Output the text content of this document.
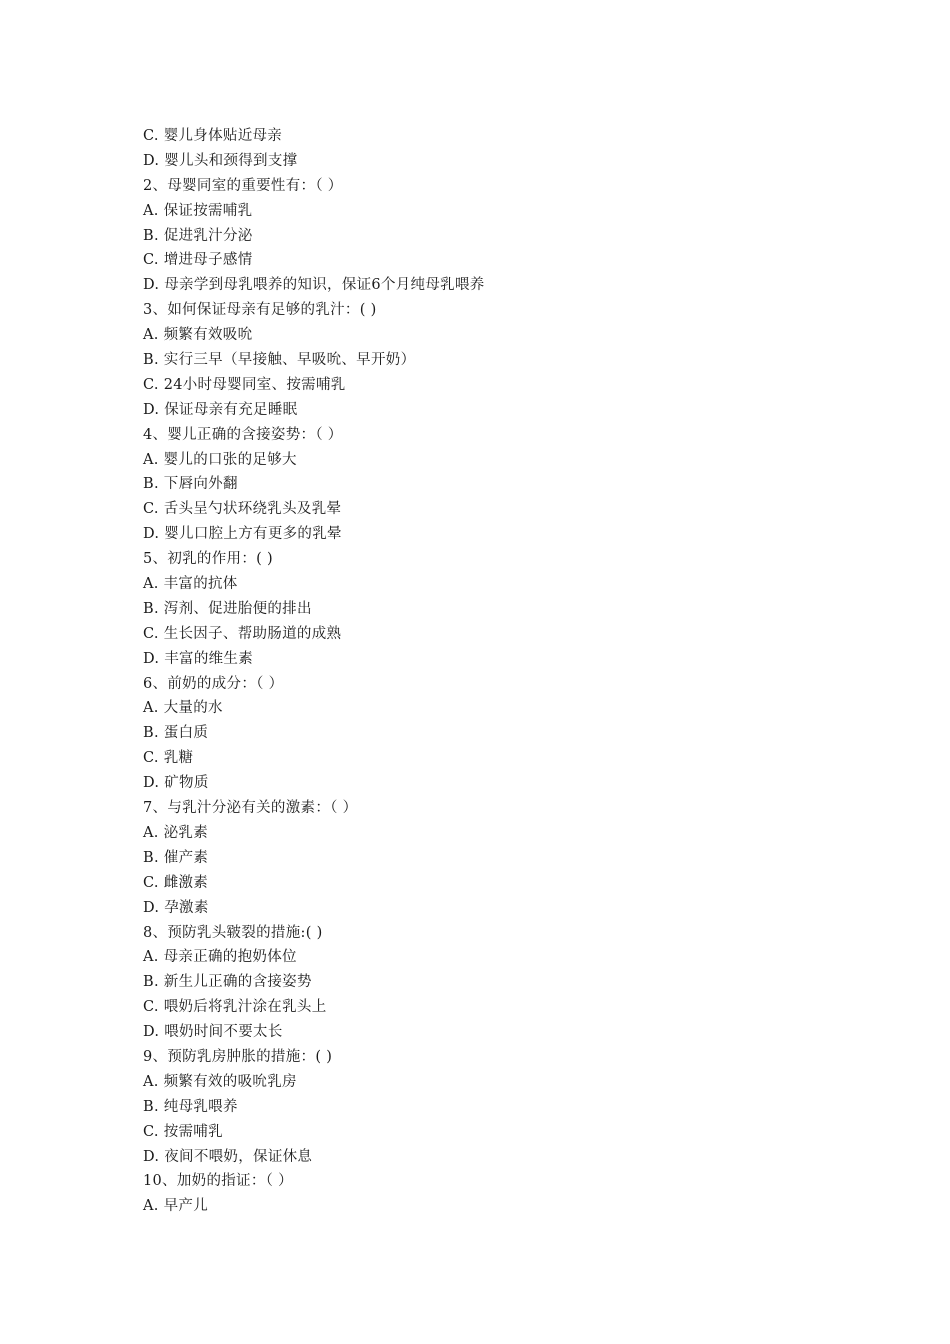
C. 婴儿身体贴近母亲
D. 婴儿头和颈得到支撑
2、母婴同室的重要性有：（ ）
A. 保证按需哺乳
B. 促进乳汁分泌
C. 增进母子感情
D. 母亲学到母乳喂养的知识，保证6个月纯母乳喂养
3、如何保证母亲有足够的乳汁：( )
A. 频繁有效吸吮
B. 实行三早（早接触、早吸吮、早开奶）
C. 24小时母婴同室、按需哺乳
D. 保证母亲有充足睡眠
4、婴儿正确的含接姿势：（ ）
A. 婴儿的口张的足够大
B. 下唇向外翻
C. 舌头呈勺状环绕乳头及乳晕
D. 婴儿口腔上方有更多的乳晕
5、初乳的作用：( )
A. 丰富的抗体
B. 泻剂、促进胎便的排出
C. 生长因子、帮助肠道的成熟
D. 丰富的维生素
6、前奶的成分：（ ）
A. 大量的水
B. 蛋白质
C. 乳糖
D. 矿物质
7、与乳汁分泌有关的激素：（ ）
A. 泌乳素
B. 催产素
C. 雌激素
D. 孕激素
8、预防乳头皲裂的措施:( )
A. 母亲正确的抱奶体位
B. 新生儿正确的含接姿势
C. 喂奶后将乳汁涂在乳头上
D. 喂奶时间不要太长
9、预防乳房肿胀的措施：( )
A. 频繁有效的吸吮乳房
B. 纯母乳喂养
C. 按需哺乳
D. 夜间不喂奶，保证休息
10、加奶的指证：（ ）
A. 早产儿
